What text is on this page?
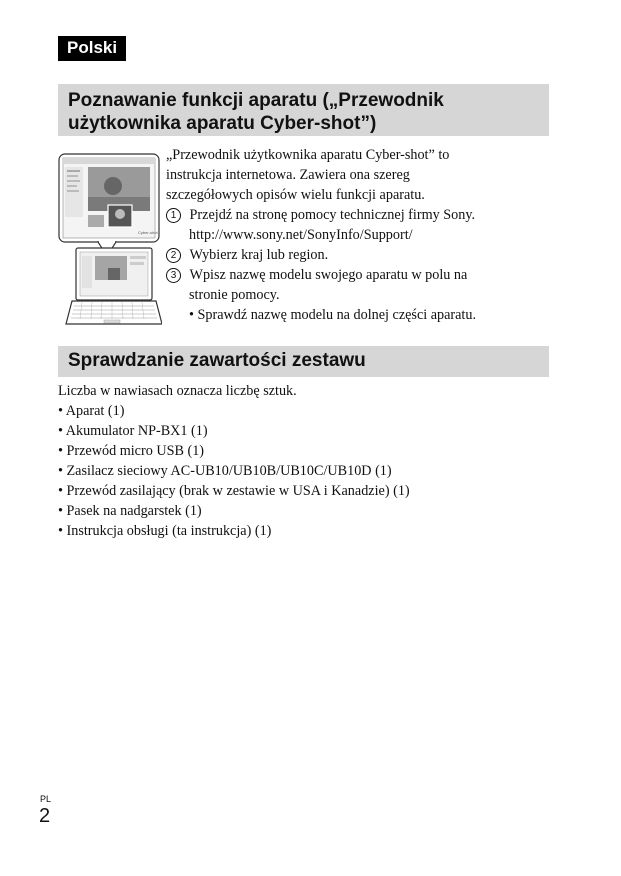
Polski
Poznawanie funkcji aparatu („Przewodnik
użytkownika aparatu Cyber-shot”)
Cyber-shot
„Przewodnik użytkownika aparatu Cyber-shot” to
instrukcja internetowa. Zawiera ona szereg
szczegółowych opisów wielu funkcji aparatu.
1 Przejdź na stronę pomocy technicznej firmy Sony.
http://www.sony.net/SonyInfo/Support/
2 Wybierz kraj lub region.
3 Wpisz nazwę modelu swojego aparatu w polu na
stronie pomocy.
• Sprawdź nazwę modelu na dolnej części aparatu.
Sprawdzanie zawartości zestawu
Liczba w nawiasach oznacza liczbę sztuk.
• Aparat (1)
• Akumulator NP-BX1 (1)
• Przewód micro USB (1)
• Zasilacz sieciowy AC-UB10/UB10B/UB10C/UB10D (1)
• Przewód zasilający (brak w zestawie w USA i Kanadzie) (1)
• Pasek na nadgarstek (1)
• Instrukcja obsługi (ta instrukcja) (1)
PL
2
